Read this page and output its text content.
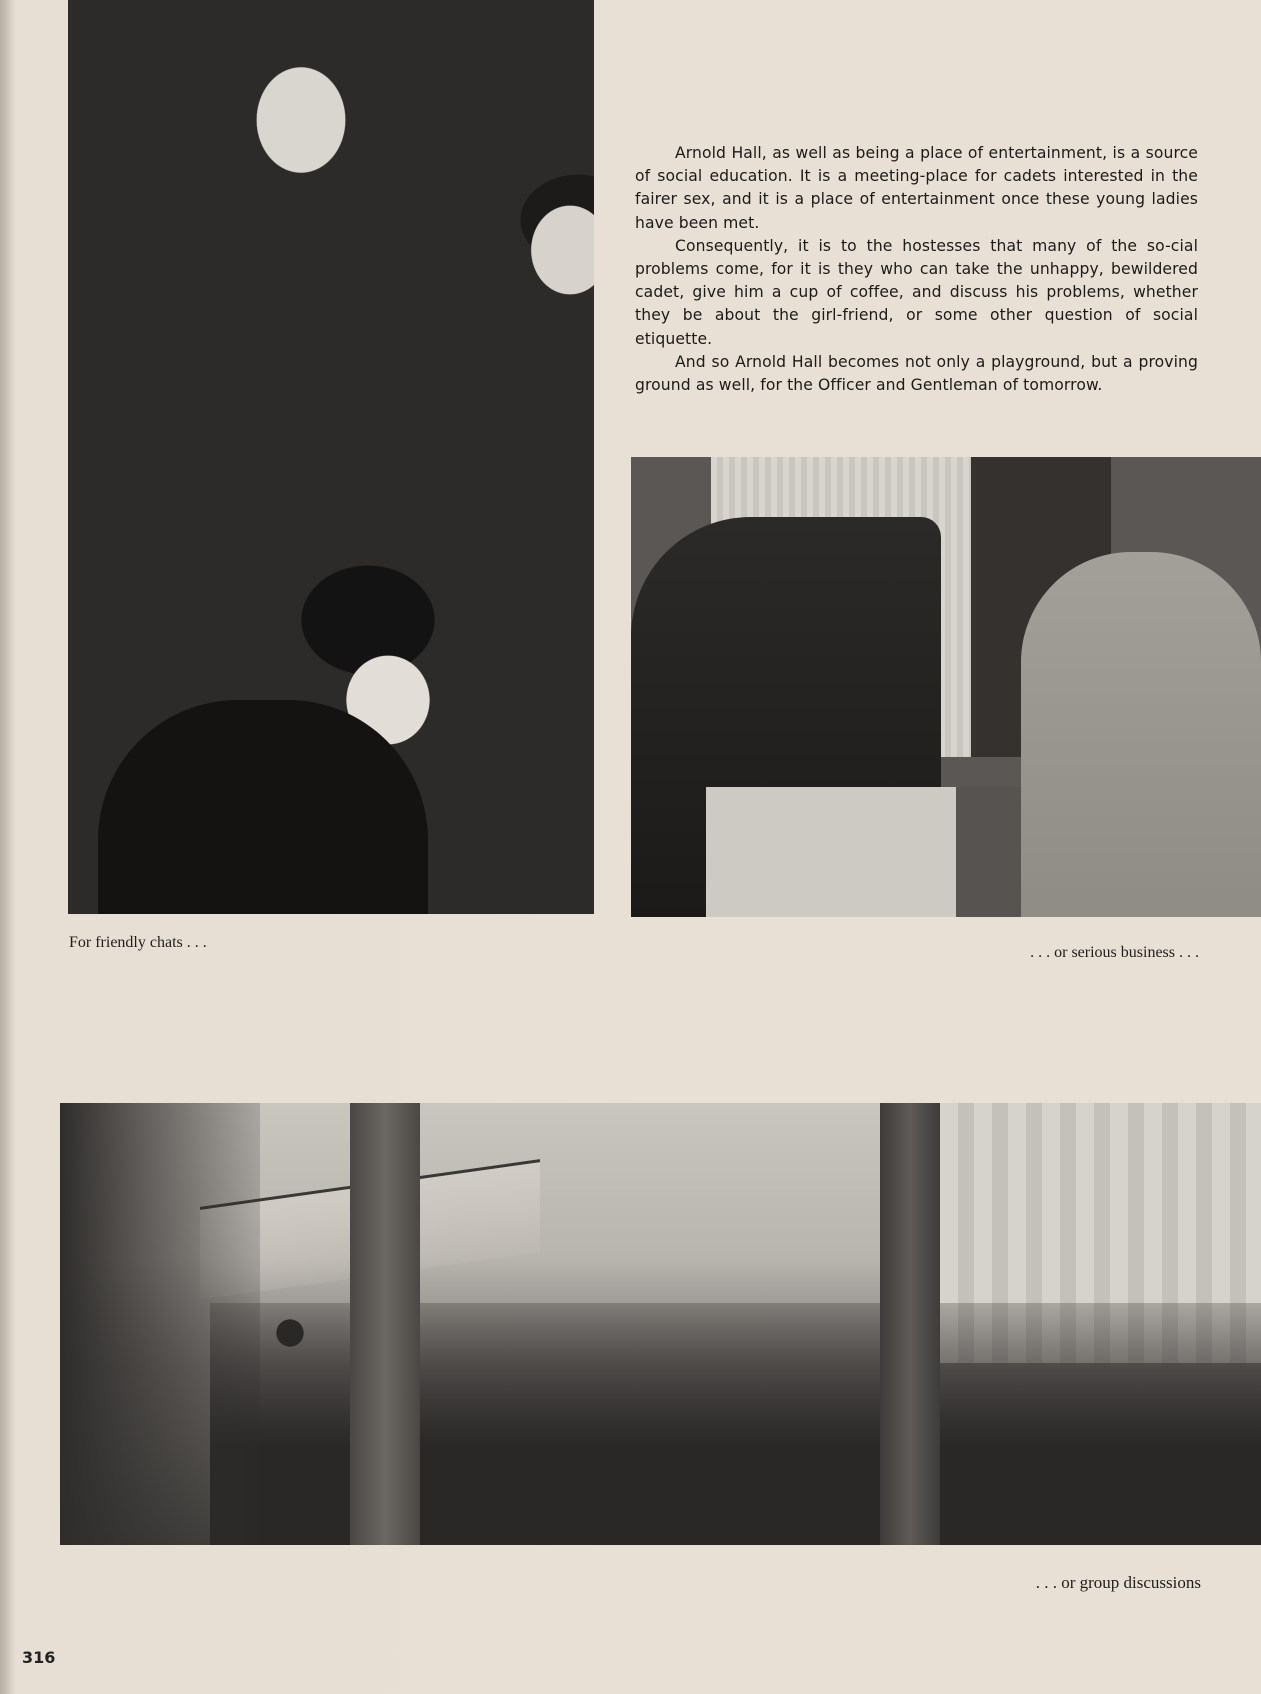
Arnold Hall, as well as being a place of entertainment, is a source of social education. It is a meeting-place for cadets interested in the fairer sex, and it is a place of entertainment once these young ladies have been met.

Consequently, it is to the hostesses that many of the so-cial problems come, for it is they who can take the unhappy, bewildered cadet, give him a cup of coffee, and discuss his problems, whether they be about the girl-friend, or some other question of social etiquette.

And so Arnold Hall becomes not only a playground, but a proving ground as well, for the Officer and Gentleman of tomorrow.

For friendly chats . . .
. . . or serious business . . .
. . . or group discussions
316
